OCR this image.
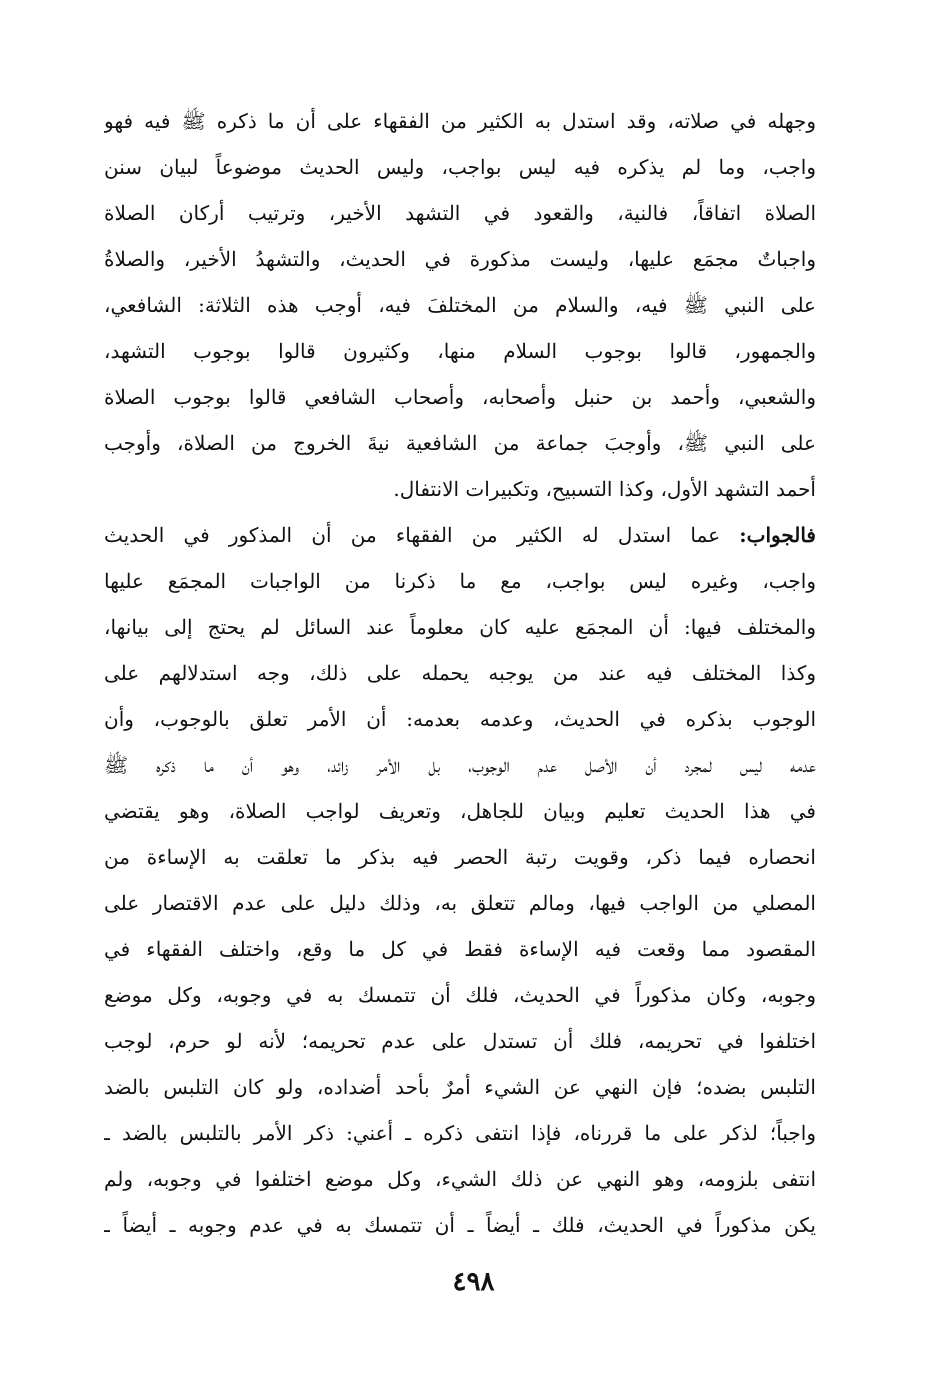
وجهله في صلاته، وقد استدل به الكثير من الفقهاء على أن ما ذكره ﷺ فيه فهو
واجب، وما لم يذكره فيه ليس بواجب، وليس الحديث موضوعاً لبيان سنن
الصلاة اتفاقاً، فالنية، والقعود في التشهد الأخير، وترتيب أركان الصلاة
واجباتٌ مجمَع عليها، وليست مذكورة في الحديث، والتشهدُ الأخير، والصلاةُ
على النبي ﷺ فيه، والسلام من المختلفَ فيه، أوجب هذه الثلاثة: الشافعي،
والجمهور، قالوا بوجوب السلام منها، وكثيرون قالوا بوجوب التشهد،
والشعبي، وأحمد بن حنبل وأصحابه، وأصحاب الشافعي قالوا بوجوب الصلاة
على النبي ﷺ، وأوجبَ جماعة من الشافعية نيةَ الخروج من الصلاة، وأوجب
أحمد التشهد الأول، وكذا التسبيح، وتكبيرات الانتفال.
فالجواب: عما استدل له الكثير من الفقهاء من أن المذكور في الحديث
واجب، وغيره ليس بواجب، مع ما ذكرنا من الواجبات المجمَع عليها
والمختلف فيها: أن المجمَع عليه كان معلوماً عند السائل لم يحتج إلى بيانها،
وكذا المختلف فيه عند من يوجبه يحمله على ذلك، وجه استدلالهم على
الوجوب بذكره في الحديث، وعدمه بعدمه: أن الأمر تعلق بالوجوب، وأن
عدمه ليس لمجرد أن الأصل عدم الوجوب، بل الأمر زائد، وهو أن ما ذكره ﷺ
في هذا الحديث تعليم وبيان للجاهل، وتعريف لواجب الصلاة، وهو يقتضي
انحصاره فيما ذكر، وقويت رتبة الحصر فيه بذكر ما تعلقت به الإساءة من
المصلي من الواجب فيها، ومالم تتعلق به، وذلك دليل على عدم الاقتصار على
المقصود مما وقعت فيه الإساءة فقط في كل ما وقع، واختلف الفقهاء في
وجوبه، وكان مذكوراً في الحديث، فلك أن تتمسك به في وجوبه، وكل موضع
اختلفوا في تحريمه، فلك أن تستدل على عدم تحريمه؛ لأنه لو حرم، لوجب
التلبس بضده؛ فإن النهي عن الشيء أمرٌ بأحد أضداده، ولو كان التلبس بالضد
واجباً؛ لذكر على ما قررناه، فإذا انتفى ذكره ـ أعني: ذكر الأمر بالتلبس بالضد ـ
انتفى بلزومه، وهو النهي عن ذلك الشيء، وكل موضع اختلفوا في وجوبه، ولم
يكن مذكوراً في الحديث، فلك ـ أيضاً ـ أن تتمسك به في عدم وجوبه ـ أيضاً ـ
٤٩٨
